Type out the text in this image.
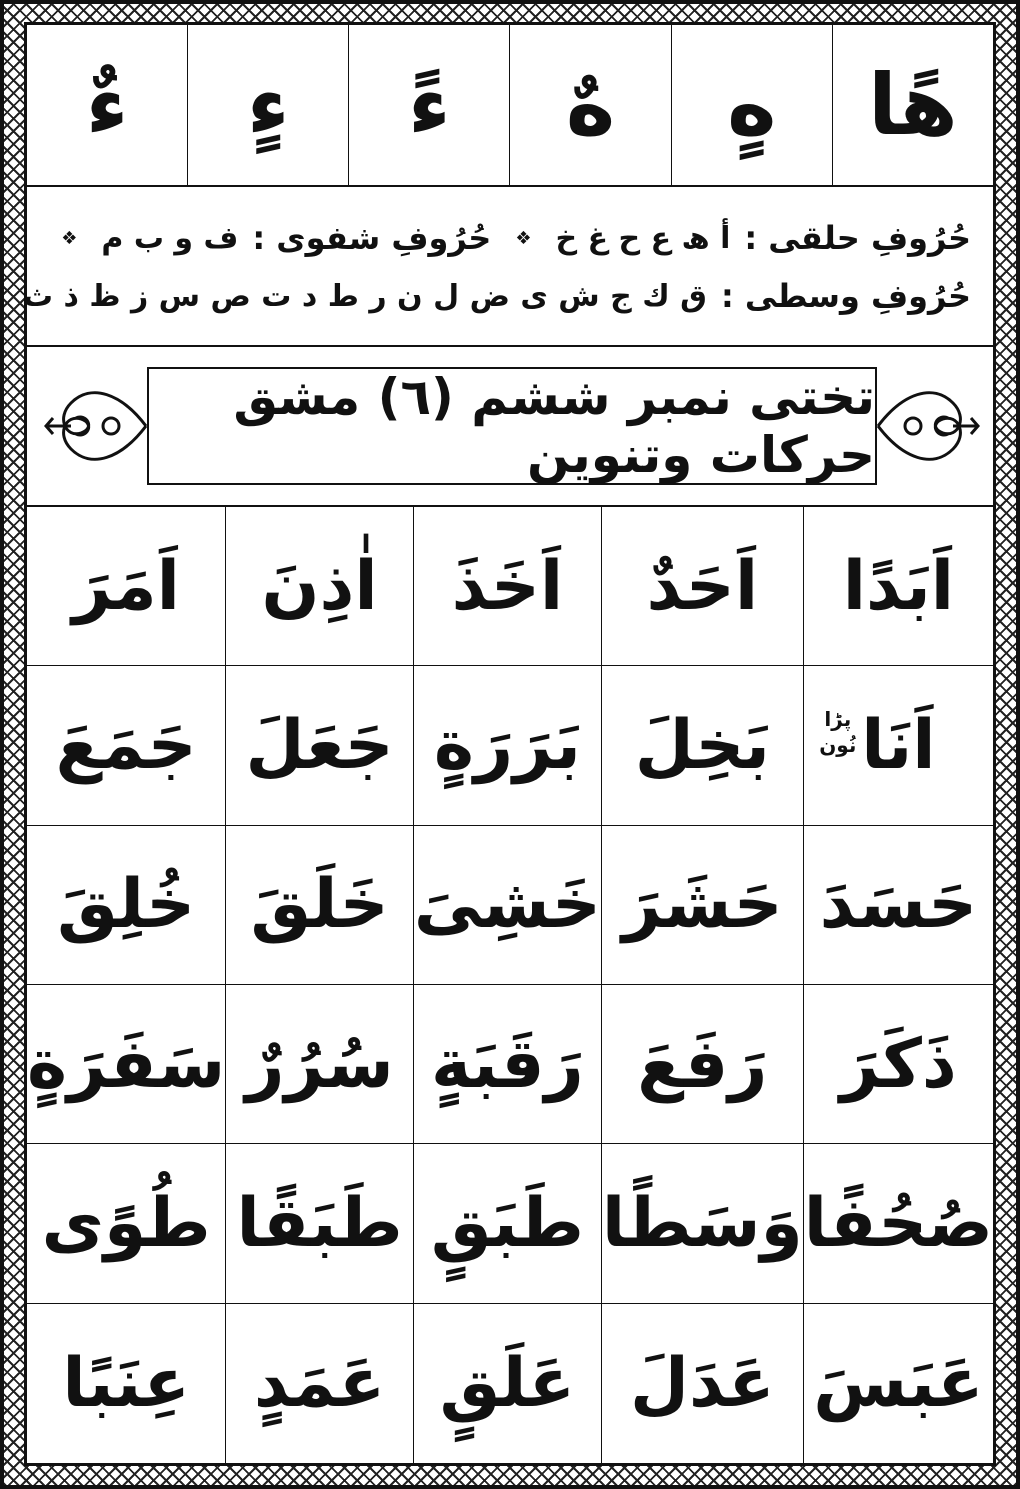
هًا
هٍ
هٌ
ءً
ءٍ
ءٌ
حُرُوفِ حلقی :
أ ھ ع ح غ خ
❖
حُرُوفِ شفوی :
ف و ب م
❖
حُرُوفِ وسطی :
ق ك ج ش ی ض ل ن ر ط د ت ص س ز ظ ذ ث
تختی نمبر ششم (٦) مشق حرکات وتنوین
اَبَدًا
اَحَدٌ
اَخَذَ
اٰذِنَ
اَمَرَ
اَنَا
پڑا
نُون
بَخِلَ
بَرَرَةٍ
جَعَلَ
جَمَعَ
حَسَدَ
حَشَرَ
خَشِیَ
خَلَقَ
خُلِقَ
ذَکَرَ
رَفَعَ
رَقَبَةٍ
سُرُرٌ
سَفَرَةٍ
صُحُفًا
وَسَطًا
طَبَقٍ
طَبَقًا
طُوًی
عَبَسَ
عَدَلَ
عَلَقٍ
عَمَدٍ
عِنَبًا
